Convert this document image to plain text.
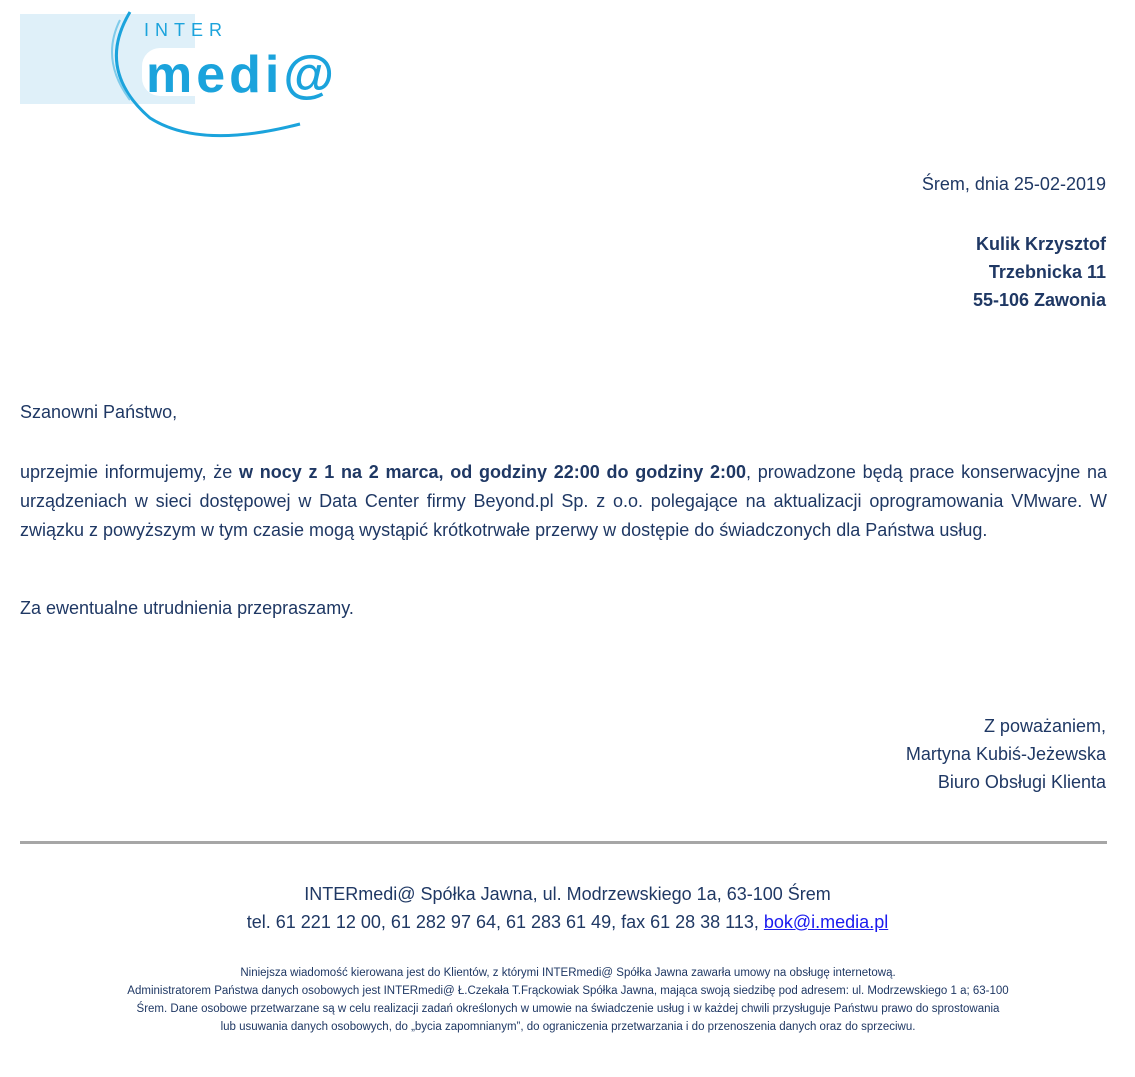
INTER
medi@
Śrem, dnia 25-02-2019
Kulik Krzysztof
Trzebnicka 11
55-106 Zawonia
Szanowni Państwo,
uprzejmie informujemy, że w nocy z 1 na 2 marca, od godziny 22:00 do godziny 2:00, prowadzone będą prace konserwacyjne na urządzeniach w sieci dostępowej w Data Center firmy Beyond.pl Sp. z o.o. polegające na aktualizacji oprogramowania VMware. W związku z powyższym w tym czasie mogą wystąpić krótkotrwałe przerwy w dostępie do świadczonych dla Państwa usług.
Za ewentualne utrudnienia przepraszamy.
Z poważaniem,
Martyna Kubiś-Jeżewska
Biuro Obsługi Klienta
INTERmedi@ Spółka Jawna, ul. Modrzewskiego 1a, 63-100 Śrem
tel. 61 221 12 00, 61 282 97 64, 61 283 61 49, fax 61 28 38 113, bok@i.media.pl
Niniejsza wiadomość kierowana jest do Klientów, z którymi INTERmedi@ Spółka Jawna zawarła umowy na obsługę internetową.
Administratorem Państwa danych osobowych jest INTERmedi@ Ł.Czekała T.Frąckowiak Spółka Jawna, mająca swoją siedzibę pod adresem: ul. Modrzewskiego 1 a; 63-100
Śrem. Dane osobowe przetwarzane są w celu realizacji zadań określonych w umowie na świadczenie usług i w każdej chwili przysługuje Państwu prawo do sprostowania
lub usuwania danych osobowych, do „bycia zapomnianym”, do ograniczenia przetwarzania i do przenoszenia danych oraz do sprzeciwu.
